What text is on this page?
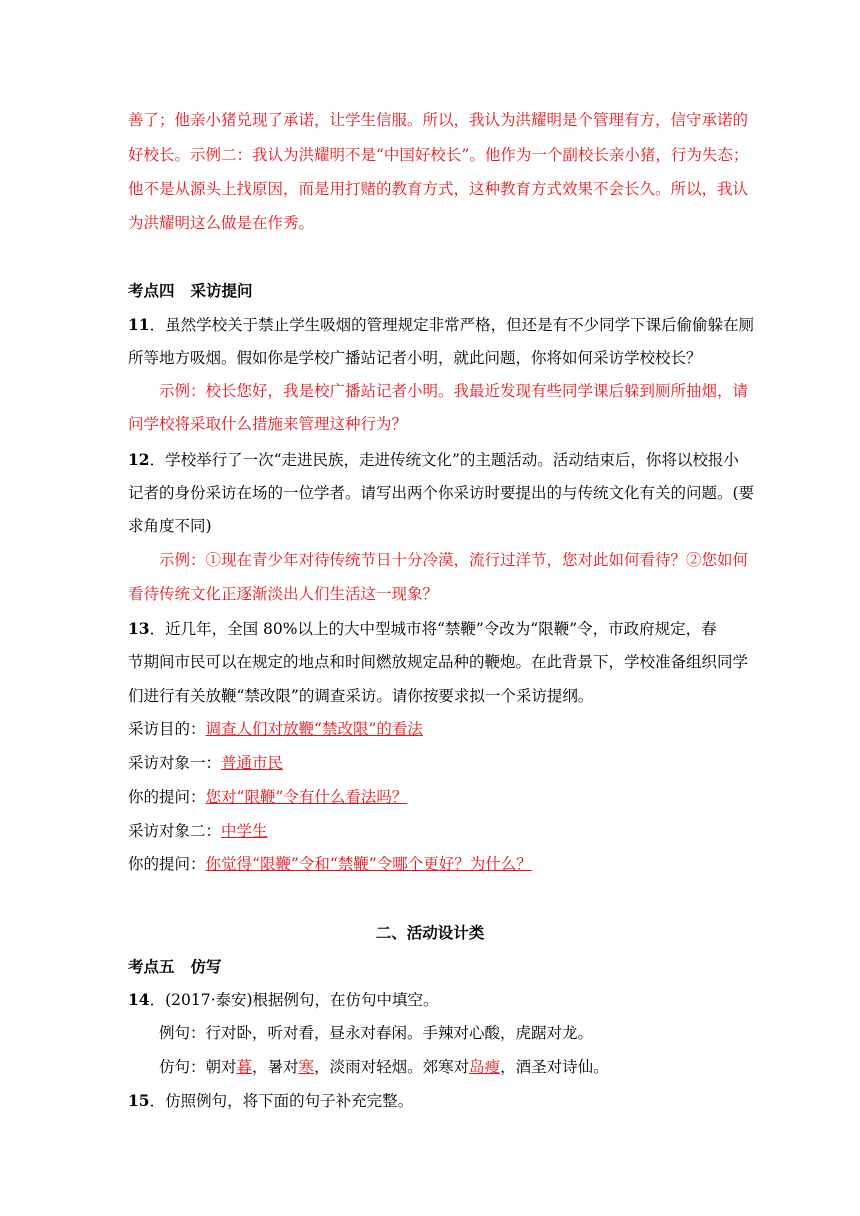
善了；他亲小猪兑现了承诺，让学生信服。所以，我认为洪耀明是个管理有方，信守承诺的
好校长。示例二：我认为洪耀明不是“中国好校长”。他作为一个副校长亲小猪，行为失态；
他不是从源头上找原因，而是用打赌的教育方式，这种教育方式效果不会长久。所以，我认
为洪耀明这么做是在作秀。
考点四 采访提问
11．虽然学校关于禁止学生吸烟的管理规定非常严格，但还是有不少同学下课后偷偷躲在厕
所等地方吸烟。假如你是学校广播站记者小明，就此问题，你将如何采访学校校长？
示例：校长您好，我是校广播站记者小明。我最近发现有些同学课后躲到厕所抽烟，请
问学校将采取什么措施来管理这种行为？
12．学校举行了一次“走进民族，走进传统文化”的主题活动。活动结束后，你将以校报小
记者的身份采访在场的一位学者。请写出两个你采访时要提出的与传统文化有关的问题。(要
求角度不同)
示例：①现在青少年对待传统节日十分冷漠，流行过洋节，您对此如何看待？②您如何
看待传统文化正逐渐淡出人们生活这一现象？
13．近几年，全国 80%以上的大中型城市将“禁鞭”令改为“限鞭”令，市政府规定，春
节期间市民可以在规定的地点和时间燃放规定品种的鞭炮。在此背景下，学校准备组织同学
们进行有关放鞭“禁改限”的调查采访。请你按要求拟一个采访提纲。
采访目的：调查人们对放鞭“禁改限”的看法
采访对象一：普通市民
你的提问：您对“限鞭”令有什么看法吗？
采访对象二：中学生
你的提问：你觉得“限鞭”令和“禁鞭”令哪个更好？为什么？
二、活动设计类
考点五 仿写
14．(2017·泰安)根据例句，在仿句中填空。
例句：行对卧，听对看，昼永对春闲。手辣对心酸，虎踞对龙。
仿句：朝对暮，暑对寒，淡雨对轻烟。郊寒对岛瘦，酒圣对诗仙。
15．仿照例句，将下面的句子补充完整。
